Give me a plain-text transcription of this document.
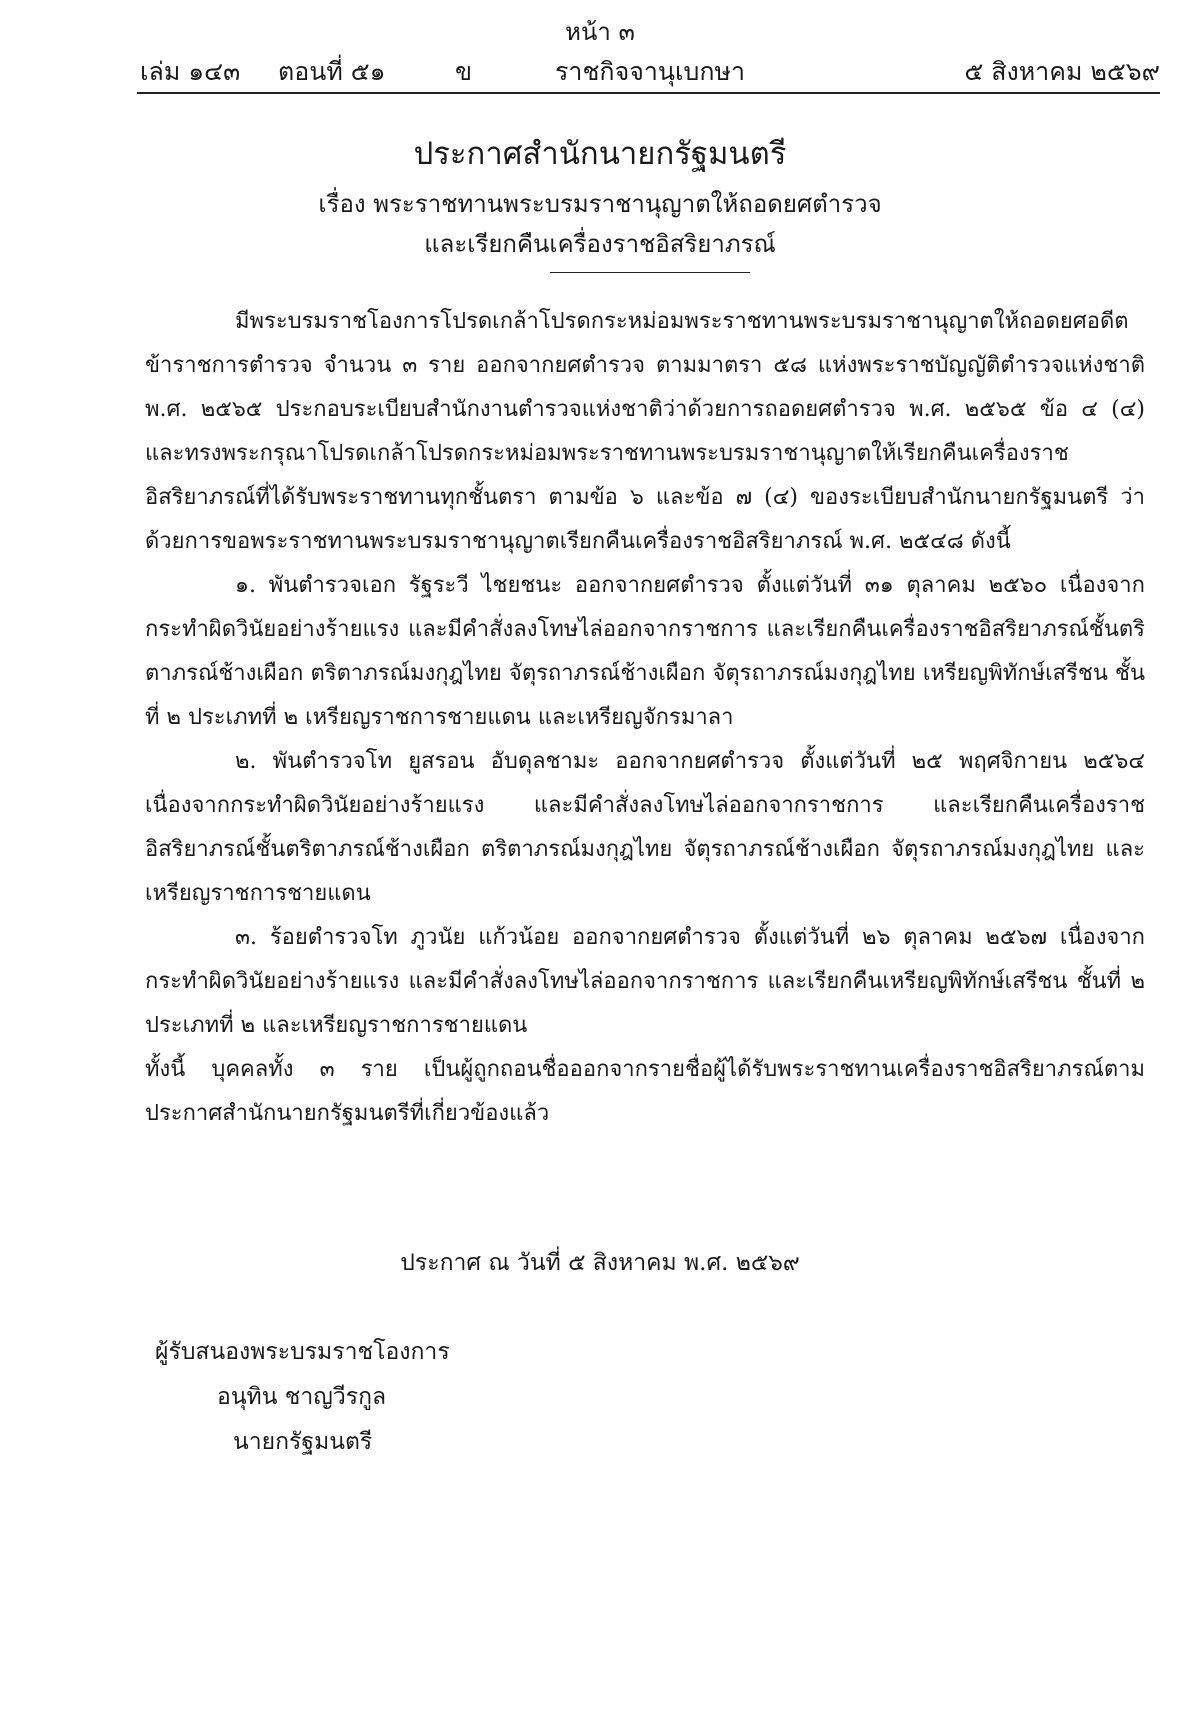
หน้า ๓
เล่ม ๑๔๓ ตอนที่ ๕๑	ข	ราชกิจจานุเบกษา	๕ สิงหาคม ๒๕๖๙
ประกาศสำนักนายกรัฐมนตรี
เรื่อง พระราชทานพระบรมราชานุญาตให้ถอดยศตำรวจ
และเรียกคืนเครื่องราชอิสริยาภรณ์

มีพระบรมราชโองการโปรดเกล้าโปรดกระหม่อมพระราชทานพระบรมราชานุญาตให้ถอดยศอดีตข้าราชการตำรวจ จำนวน ๓ ราย ออกจากยศตำรวจ ตามมาตรา ๕๘ แห่งพระราชบัญญัติตำรวจแห่งชาติ พ.ศ. ๒๕๖๕ ประกอบระเบียบสำนักงานตำรวจแห่งชาติว่าด้วยการถอดยศตำรวจ พ.ศ. ๒๕๖๕ ข้อ ๔ (๔) และทรงพระกรุณาโปรดเกล้าโปรดกระหม่อมพระราชทานพระบรมราชานุญาตให้เรียกคืนเครื่องราชอิสริยาภรณ์ที่ได้รับพระราชทานทุกชั้นตรา ตามข้อ ๖ และข้อ ๗ (๔) ของระเบียบสำนักนายกรัฐมนตรี ว่าด้วยการขอพระราชทานพระบรมราชานุญาตเรียกคืนเครื่องราชอิสริยาภรณ์ พ.ศ. ๒๕๔๘ ดังนี้

๑. พันตำรวจเอก รัฐระวี ไชยชนะ ออกจากยศตำรวจ ตั้งแต่วันที่ ๓๑ ตุลาคม ๒๕๖๐ เนื่องจากกระทำผิดวินัยอย่างร้ายแรง และมีคำสั่งลงโทษไล่ออกจากราชการ และเรียกคืนเครื่องราชอิสริยาภรณ์ชั้นตริตาภรณ์ช้างเผือก ตริตาภรณ์มงกุฎไทย จัตุรถาภรณ์ช้างเผือก จัตุรถาภรณ์มงกุฎไทย เหรียญพิทักษ์เสรีชน ชั้นที่ ๒ ประเภทที่ ๒ เหรียญราชการชายแดน และเหรียญจักรมาลา

๒. พันตำรวจโท ยูสรอน อับดุลชามะ ออกจากยศตำรวจ ตั้งแต่วันที่ ๒๕ พฤศจิกายน ๒๕๖๔ เนื่องจากกระทำผิดวินัยอย่างร้ายแรง และมีคำสั่งลงโทษไล่ออกจากราชการ และเรียกคืนเครื่องราชอิสริยาภรณ์ชั้นตริตาภรณ์ช้างเผือก ตริตาภรณ์มงกุฎไทย จัตุรถาภรณ์ช้างเผือก จัตุรถาภรณ์มงกุฎไทย และเหรียญราชการชายแดน

๓. ร้อยตำรวจโท ภูวนัย แก้วน้อย ออกจากยศตำรวจ ตั้งแต่วันที่ ๒๖ ตุลาคม ๒๕๖๗ เนื่องจากกระทำผิดวินัยอย่างร้ายแรง และมีคำสั่งลงโทษไล่ออกจากราชการ และเรียกคืนเหรียญพิทักษ์เสรีชน ชั้นที่ ๒ ประเภทที่ ๒ และเหรียญราชการชายแดน

ทั้งนี้ บุคคลทั้ง ๓ ราย เป็นผู้ถูกถอนชื่อออกจากรายชื่อผู้ได้รับพระราชทานเครื่องราชอิสริยาภรณ์ตามประกาศสำนักนายกรัฐมนตรีที่เกี่ยวข้องแล้ว

ประกาศ ณ วันที่ ๕ สิงหาคม พ.ศ. ๒๕๖๙
ผู้รับสนองพระบรมราชโองการ
อนุทิน ชาญวีรกูล
นายกรัฐมนตรี
